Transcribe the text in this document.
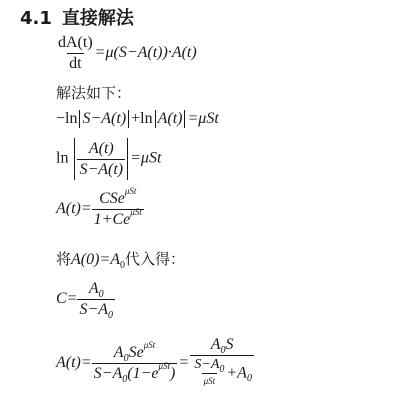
4.1 直接解法
$\frac{dA(t)}{dt} =\mu(S-A(t))\cdot A(t)$
解法如下：
−ln S−A(t) +ln A(t) =μSt
$\ln \frac{A(t)}{S-A(t)} =\mu St$
$A(t)= \frac{CSe^{\mu St}}{1+Ce^{\mu St}}$
将$A(0)=A_0$代入得：
$C= \frac{A_0}{S-A_0}$
$A(t)= \frac{A_0Se^{\mu St}}{S-A_0(1-e^{\mu St})} = \frac{A_0S}{\frac{S-A_0}{\text{μSt}} +A_0}$
